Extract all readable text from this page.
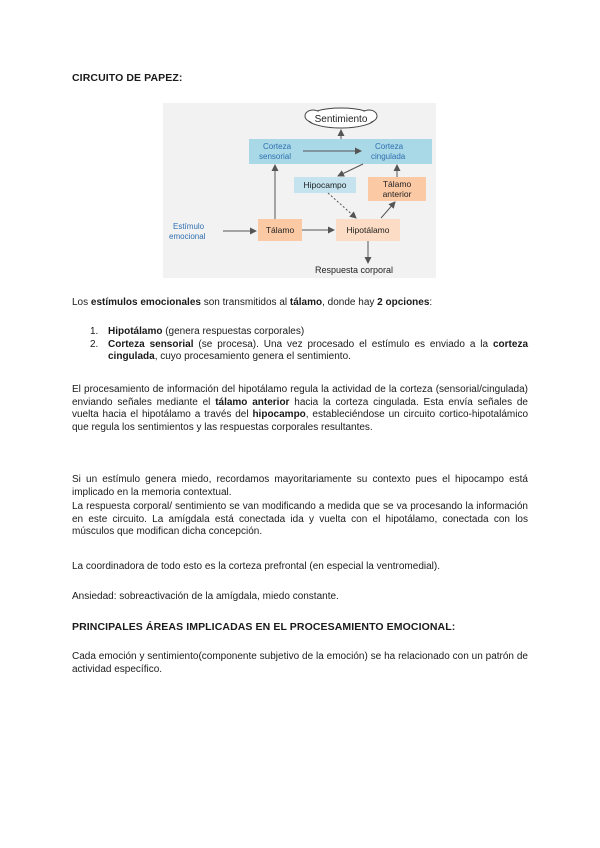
CIRCUITO DE PAPEZ:

Sentimiento
Corteza
sensorial
Corteza
cingulada
Hipocampo	Tálamo
anterior
Estímulo
emocional
Tálamo	Hipotálamo
Respuesta corporal

Los estímulos emocionales son transmitidos al tálamo, donde hay 2 opciones:

1. Hipotálamo (genera respuestas corporales)
2. Corteza sensorial (se procesa). Una vez procesado el estímulo es enviado a la corteza cingulada, cuyo procesamiento genera el sentimiento.

El procesamiento de información del hipotálamo regula la actividad de la corteza (sensorial/cingulada) enviando señales mediante el tálamo anterior hacia la corteza cingulada. Esta envía señales de vuelta hacia el hipotálamo a través del hipocampo, estableciéndose un circuito cortico-hipotalámico que regula los sentimientos y las respuestas corporales resultantes.

Si un estímulo genera miedo, recordamos mayoritariamente su contexto pues el hipocampo está implicado en la memoria contextual.

La respuesta corporal/ sentimiento se van modificando a medida que se va procesando la información en este circuito. La amígdala está conectada ida y vuelta con el hipotálamo, conectada con los músculos que modifican dicha concepción.

La coordinadora de todo esto es la corteza prefrontal (en especial la ventromedial).

Ansiedad: sobreactivación de la amígdala, miedo constante.

PRINCIPALES ÁREAS IMPLICADAS EN EL PROCESAMIENTO EMOCIONAL:

Cada emoción y sentimiento(componente subjetivo de la emoción) se ha relacionado con un patrón de actividad específico.
